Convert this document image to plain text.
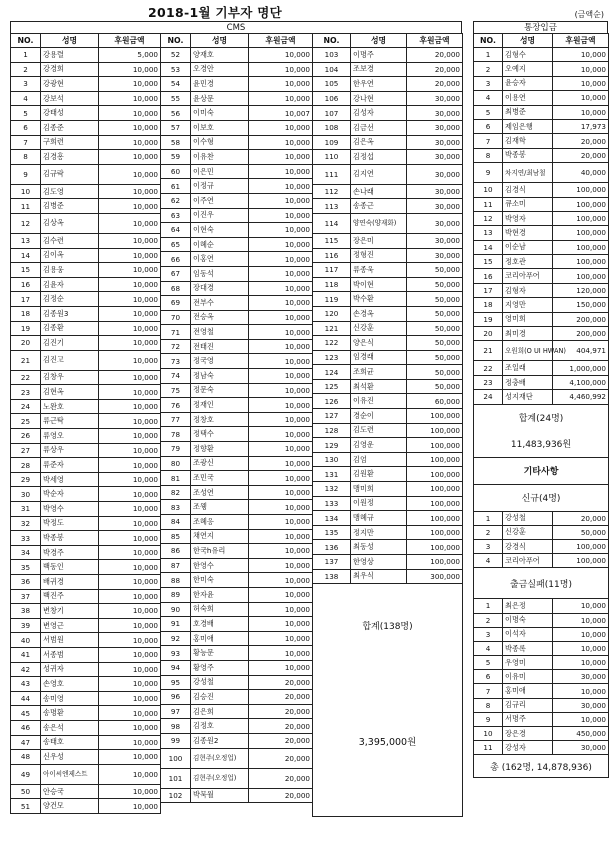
2018-1월 기부자 명단	(금액순)
CMS	통장입금
NO.	성명	후원금액
1	강용렬	5,000
2	강경희	10,000
3	강광현	10,000
4	강보석	10,000
5	강태성	10,000
6	김종준	10,000
7	구희련	10,000
8	김경흥	10,000
9	김규락	10,000
10	김도영	10,000
11	김병준	10,000
12	김상옥	10,000
13	김수련	10,000
14	김이옥	10,000
15	김용웅	10,000
16	김윤자	10,000
17	김정순	10,000
18	김종원3	10,000
19	김종환	10,000
20	김진기	10,000
21	김진고	10,000
22	김창우	10,000
23	김현옥	10,000
24	노완호	10,000
25	류근탁	10,000
26	류영오	10,000
27	류상우	10,000
28	류준자	10,000
29	박세영	10,000
30	박순자	10,000
31	박영수	10,000
32	박정도	10,000
33	박종봉	10,000
34	박경주	10,000
35	백동인	10,000
36	배귀경	10,000
37	백진주	10,000
38	변창기	10,000
39	변영근	10,000
40	서범원	10,000
41	서종범	10,000
42	성귀자	10,000
43	손영호	10,000
44	송미영	10,000
45	송명환	10,000
46	송은석	10,000
47	송태호	10,000
48	신우성	10,000
49	아이씨엔제스트	10,000
50	안승국	10,000
51	양건모	10,000
NO.	성명	후원금액
52	양재호	10,000
53	오경안	10,000
54	윤민경	10,000
55	윤상문	10,000
56	이미숙	10,007
57	이보호	10,000
58	이수형	10,000
59	이유찬	10,000
60	이은민	10,000
61	이정규	10,000
62	이주연	10,000
63	이진우	10,000
64	이현숙	10,000
65	이혜순	10,000
66	이홍연	10,000
67	임동석	10,000
68	장대경	10,000
69	전부수	10,000
70	전승옥	10,000
71	전영철	10,000
72	전태진	10,000
73	정국영	10,000
74	정남숙	10,000
75	정문숙	10,000
76	정재인	10,000
77	정창호	10,000
78	정택수	10,000
79	정향환	10,000
80	조광신	10,000
81	조민국	10,000
82	조성연	10,000
83	조웽	10,000
84	조혜응	10,000
85	채연지	10,000
86	한국h유리	10,000
87	한영수	10,000
88	한미숙	10,000
89	한자윤	10,000
90	허숙희	10,000
91	호경배	10,000
92	홍미애	10,000
93	황능문	10,000
94	황영주	10,000
95	강성철	20,000
96	김승진	20,000
97	김은희	20,000
98	김정호	20,000
99	김종원2	20,000
100	김현주(오정업)	20,000
101	김현주(오정업)	20,000
102	박묵월	20,000
NO.	성명	후원금액
103	이명주	20,000
104	조보경	20,000
105	한우연	20,000
106	강나현	30,000
107	김성자	30,000
108	김금선	30,000
109	김은옥	30,000
110	김정섭	30,000
111	김지연	30,000
112	손나래	30,000
113	송종근	30,000
114	양연숙(양재화)	30,000
115	장은미	30,000
116	정형진	30,000
117	류종욱	50,000
118	박이현	50,000
119	박수환	50,000
120	손경옥	50,000
121	신강훈	50,000
122	양은식	50,000
123	임경래	50,000
124	조희균	50,000
125	최석환	50,000
126	이유진	60,000
127	경순이	100,000
128	김도련	100,000
129	김영운	100,000
130	김엄	100,000
131	김원환	100,000
132	맹미희	100,000
133	이원정	100,000
134	맹혜규	100,000
135	정지만	100,000
136	최동성	100,000
137	한영상	100,000
138	최우식	300,000
합계(138명)		
3,395,000원		
NO.	성명	후원금액
1	김형수	10,000
2	오예지	10,000
3	윤승자	10,000
4	이용연	10,000
5	최병준	10,000
6	제임은행	17,973
7	김재학	20,000
8	박종봉	20,000
9	차지연/최남철	40,000
10	김경식	100,000
11	큐소미	100,000
12	박영자	100,000
13	박현경	100,000
14	이순남	100,000
15	정호관	100,000
16	코리아푸어	100,000
17	김형자	120,000
18	지영만	150,000
19	영미희	200,000
20	최미경	200,000
21	오원희(O UI HWAN)	404,971
22	조일래	1,000,000
23	정충배	4,100,000
24	성지재단	4,460,992
합계(24명)		
11,483,936원		
기타사항		
신규(4명)		
1	강성철	20,000
2	신강훈	50,000
3	강경식	100,000
4	코리아푸어	100,000
출금실패(11명)		
1	최은정	10,000
2	이명숙	10,000
3	이석자	10,000
4	박종록	10,000
5	우영미	10,000
6	이유미	30,000
7	홍미애	10,000
8	김규리	30,000
9	서명주	10,000
10	장은경	450,000
11	강성자	30,000
총 (162명, 14,878,936)		
